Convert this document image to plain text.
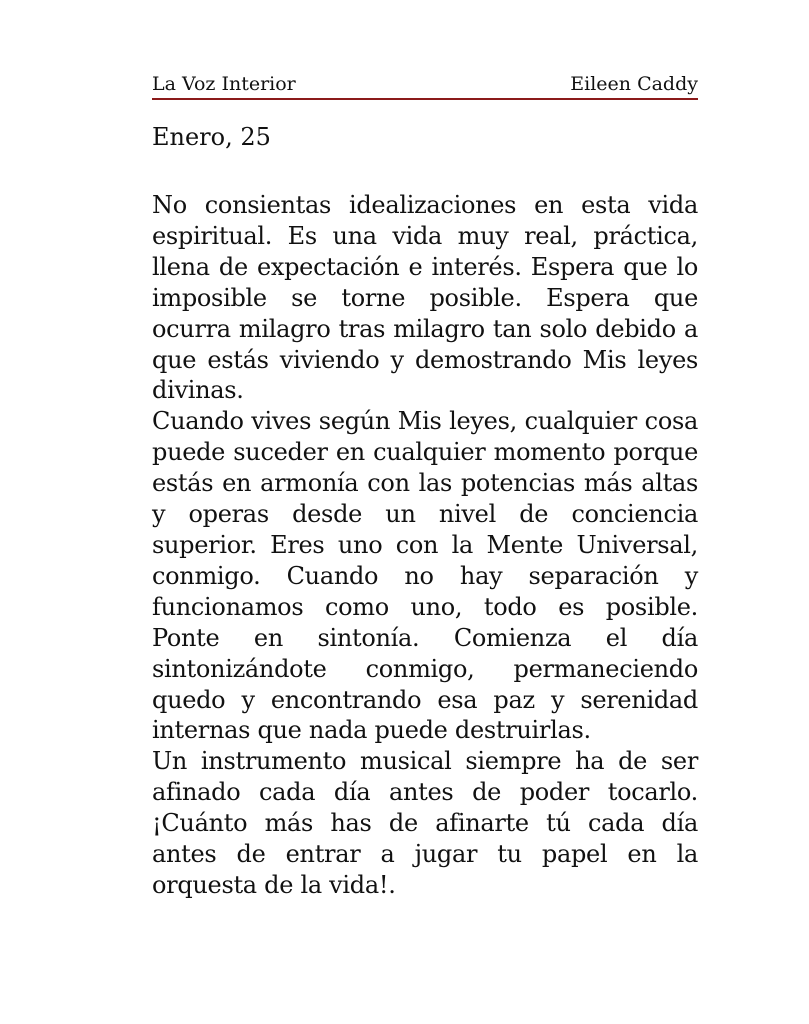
La Voz Interior	Eileen Caddy
Enero, 25

No consientas idealizaciones en esta vida espiritual. Es una vida muy real, práctica, llena de expectación e interés. Espera que lo imposible se torne posible. Espera que ocurra milagro tras milagro tan solo debido a que estás viviendo y demostrando Mis leyes divinas.

Cuando vives según Mis leyes, cualquier cosa puede suceder en cualquier momento porque estás en armonía con las potencias más altas y operas desde un nivel de conciencia superior. Eres uno con la Mente Universal, conmigo. Cuando no hay separación y funcionamos como uno, todo es posible. Ponte en sintonía. Comienza el día sintonizándote conmigo, permaneciendo quedo y encontrando esa paz y serenidad internas que nada puede destruirlas.

Un instrumento musical siempre ha de ser afinado cada día antes de poder tocarlo. ¡Cuánto más has de afinarte tú cada día antes de entrar a jugar tu papel en la orquesta de la vida!.
